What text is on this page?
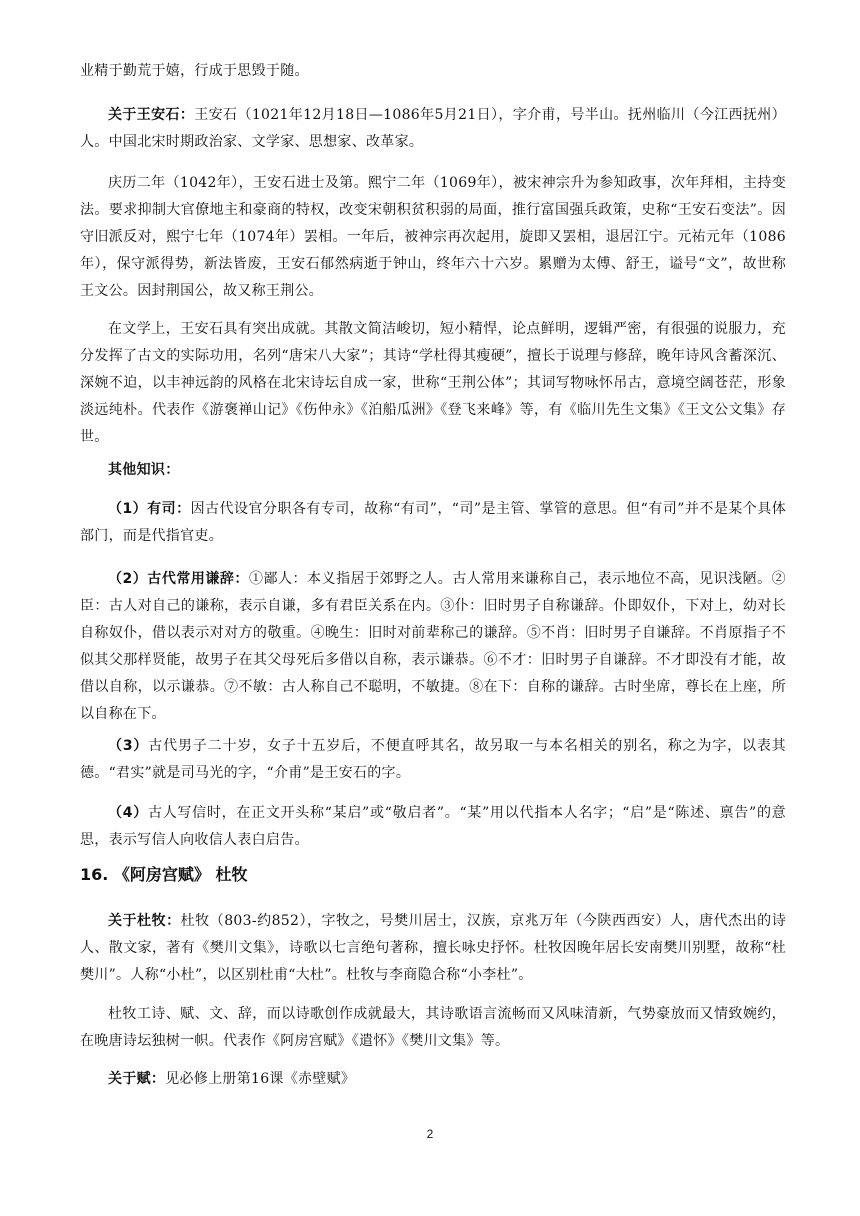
业精于勤荒于嬉，行成于思毁于随。

关于王安石：王安石（1021年12月18日—1086年5月21日），字介甫，号半山。抚州临川（今江西抚州）人。中国北宋时期政治家、文学家、思想家、改革家。

庆历二年（1042年），王安石进士及第。熙宁二年（1069年），被宋神宗升为参知政事，次年拜相，主持变法。要求抑制大官僚地主和豪商的特权，改变宋朝积贫积弱的局面，推行富国强兵政策，史称“王安石变法”。因守旧派反对，熙宁七年（1074年）罢相。一年后，被神宗再次起用，旋即又罢相，退居江宁。元祐元年（1086年），保守派得势，新法皆废，王安石郁然病逝于钟山，终年六十六岁。累赠为太傅、舒王，谥号“文”，故世称王文公。因封荆国公，故又称王荆公。

在文学上，王安石具有突出成就。其散文简洁峻切，短小精悍，论点鲜明，逻辑严密，有很强的说服力，充分发挥了古文的实际功用，名列“唐宋八大家”；其诗“学杜得其瘦硬”，擅长于说理与修辞，晚年诗风含蓄深沉、深婉不迫，以丰神远韵的风格在北宋诗坛自成一家，世称“王荆公体”；其词写物咏怀吊古，意境空阔苍茫，形象淡远纯朴。代表作《游褒禅山记》《伤仲永》《泊船瓜洲》《登飞来峰》等，有《临川先生文集》《王文公文集》存世。

其他知识：

（1）有司：因古代设官分职各有专司，故称“有司”，“司”是主管、掌管的意思。但“有司”并不是某个具体部门，而是代指官吏。

（2）古代常用谦辞：①鄙人：本义指居于郊野之人。古人常用来谦称自己，表示地位不高，见识浅陋。②臣：古人对自己的谦称，表示自谦，多有君臣关系在内。③仆：旧时男子自称谦辞。仆即奴仆，下对上，幼对长自称奴仆，借以表示对对方的敬重。④晚生：旧时对前辈称己的谦辞。⑤不肖：旧时男子自谦辞。不肖原指子不似其父那样贤能，故男子在其父母死后多借以自称，表示谦恭。⑥不才：旧时男子自谦辞。不才即没有才能，故借以自称，以示谦恭。⑦不敏：古人称自己不聪明，不敏捷。⑧在下：自称的谦辞。古时坐席，尊长在上座，所以自称在下。

（3）古代男子二十岁，女子十五岁后，不便直呼其名，故另取一与本名相关的别名，称之为字，以表其德。“君实”就是司马光的字，“介甫”是王安石的字。

（4）古人写信时，在正文开头称“某启”或“敬启者”。“某”用以代指本人名字；“启”是“陈述、禀告”的意思，表示写信人向收信人表白启告。

16. 《阿房宫赋》 杜牧

关于杜牧：杜牧（803-约852），字牧之，号樊川居士，汉族，京兆万年（今陕西西安）人，唐代杰出的诗人、散文家，著有《樊川文集》，诗歌以七言绝句著称，擅长咏史抒怀。杜牧因晚年居长安南樊川别墅，故称“杜樊川”。人称“小杜”，以区别杜甫“大杜”。杜牧与李商隐合称“小李杜”。

杜牧工诗、赋、文、辞，而以诗歌创作成就最大，其诗歌语言流畅而又风味清新，气势豪放而又情致婉约，在晚唐诗坛独树一帜。代表作《阿房宫赋》《遣怀》《樊川文集》等。

关于赋：见必修上册第16课《赤壁赋》

2
